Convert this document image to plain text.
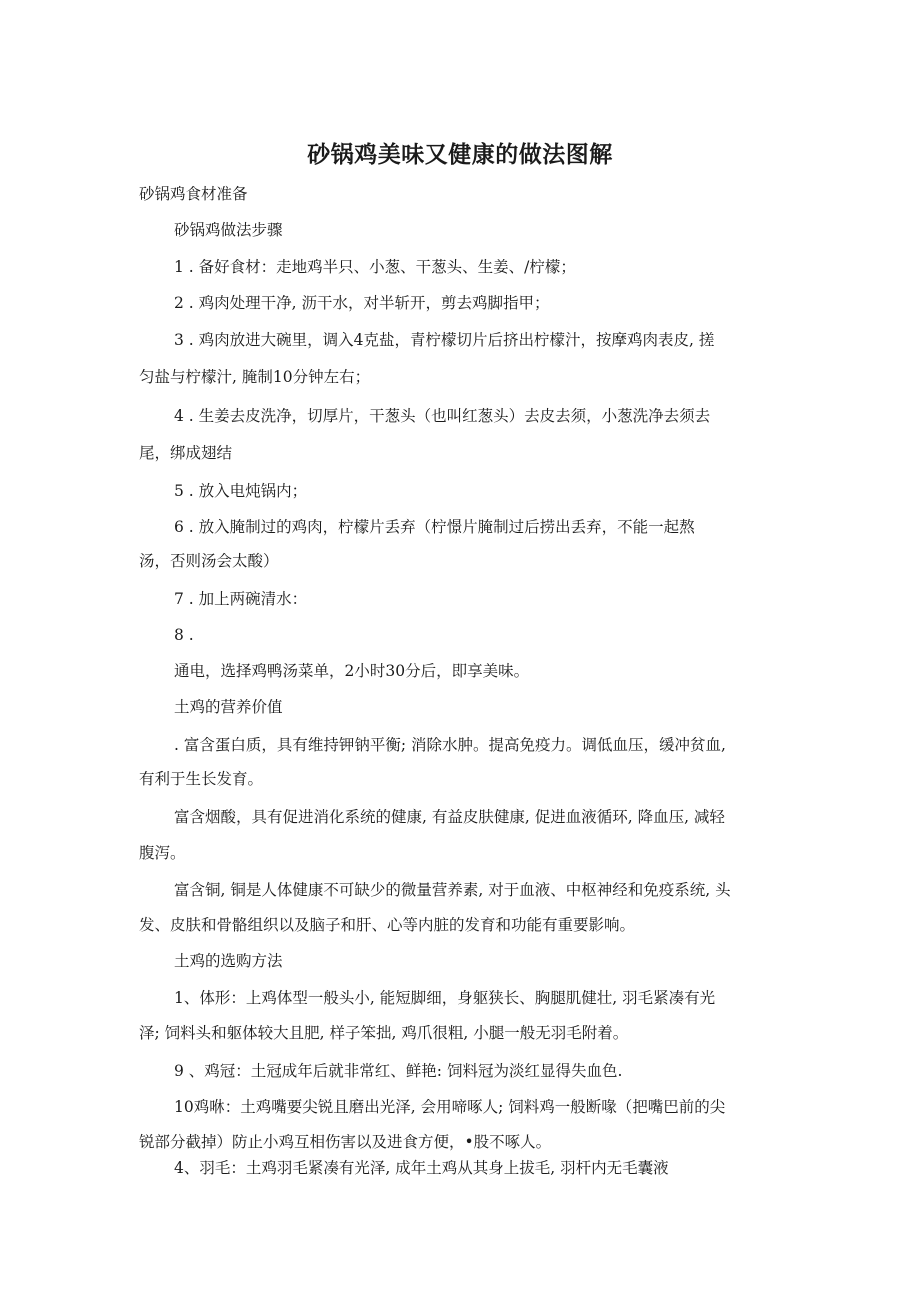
砂锅鸡美味又健康的做法图解
砂锅鸡食材准备
砂锅鸡做法步骤
1 . 备好食材：走地鸡半只、小葱、干葱头、生姜、/柠檬；
2 . 鸡肉处理干净, 沥干水，对半斩开，剪去鸡脚指甲；
3 . 鸡肉放进大碗里，调入4克盐，青柠檬切片后挤出柠檬汁，按摩鸡肉表皮, 搓
匀盐与柠檬汁, 腌制10分钟左右；
4 . 生姜去皮洗净，切厚片，干葱头（也叫红葱头）去皮去须，小葱洗净去须去
尾，绑成翅结
5 . 放入电炖锅内；
6 . 放入腌制过的鸡肉，柠檬片丢弃（柠憬片腌制过后捞出丢弃，不能一起熬
汤，否则汤会太酸）
7 . 加上两碗清水：
8 .
通电，选择鸡鸭汤菜单，2小时30分后，即享美味。
土鸡的营养价值
. 富含蛋白质，具有维持钾钠平衡; 消除水肿。提高免疫力。调低血压，缓冲贫血,
有利于生长发育。
富含烟酸，具有促进消化系统的健康, 有益皮肤健康, 促进血液循环, 降血压, 减轻
腹泻。
富含铜, 铜是人体健康不可缺少的微量营养素, 对于血液、中枢神经和免疫系统, 头
发、皮肤和骨骼组织以及脑子和肝、心等内脏的发育和功能有重要影响。
土鸡的选购方法
1、体形：上鸡体型一般头小, 能短脚细，身躯狭长、胸腿肌健壮, 羽毛紧凑有光
泽; 饲料头和躯体较大且肥, 样子笨拙, 鸡爪很粗, 小腿一般无羽毛附着。
9 、鸡冠：土冠成年后就非常红、鲜艳: 饲料冠为淡红显得失血色.
10鸡咻：土鸡嘴要尖锐且磨出光泽, 会用啼啄人; 饲料鸡一般断喙（把嘴巴前的尖
锐部分截掉）防止小鸡互相伤害以及进食方便，•股不啄人。
4、羽毛：土鸡羽毛紧凑有光泽, 成年土鸡从其身上拔毛, 羽杆内无毛囊液
